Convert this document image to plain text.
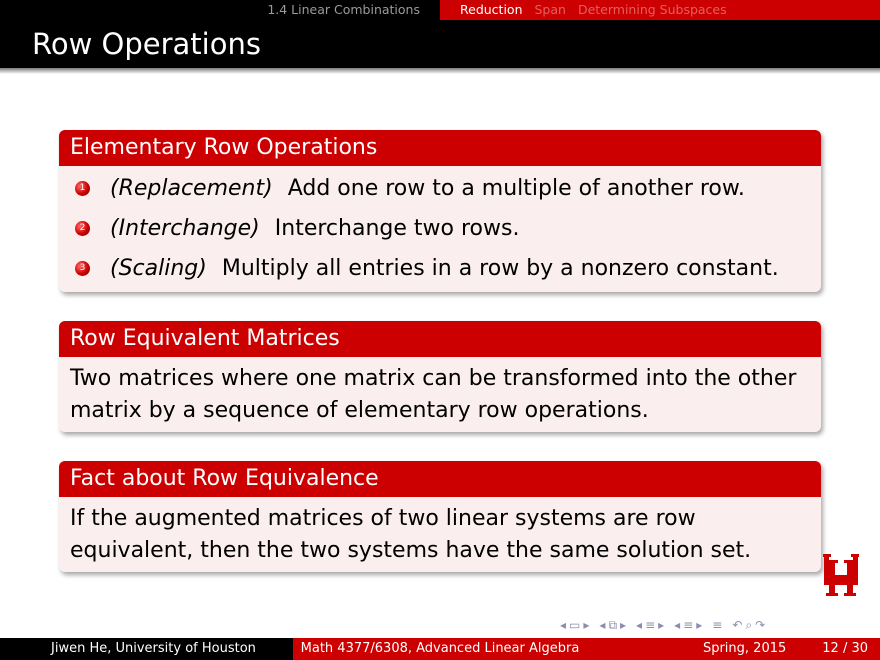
1.4 Linear Combinations	Reduction Span Determining Subspaces
Row Operations
Elementary Row Operations
1 (Replacement) Add one row to a multiple of another row.
2 (Interchange) Interchange two rows.
3 (Scaling) Multiply all entries in a row by a nonzero constant.
Row Equivalent Matrices
Two matrices where one matrix can be transformed into the other matrix by a sequence of elementary row operations.
Fact about Row Equivalence
If the augmented matrices of two linear systems are row equivalent, then the two systems have the same solution set.
◂ ▭ ▸ ◂ ⧉ ▸ ◂ ≡ ▸ ◂ ≡ ▸ ≡ ↶ ⌕ ↷
Jiwen He, University of Houston	Math 4377/6308, Advanced Linear Algebra	Spring, 2015	12 / 30
